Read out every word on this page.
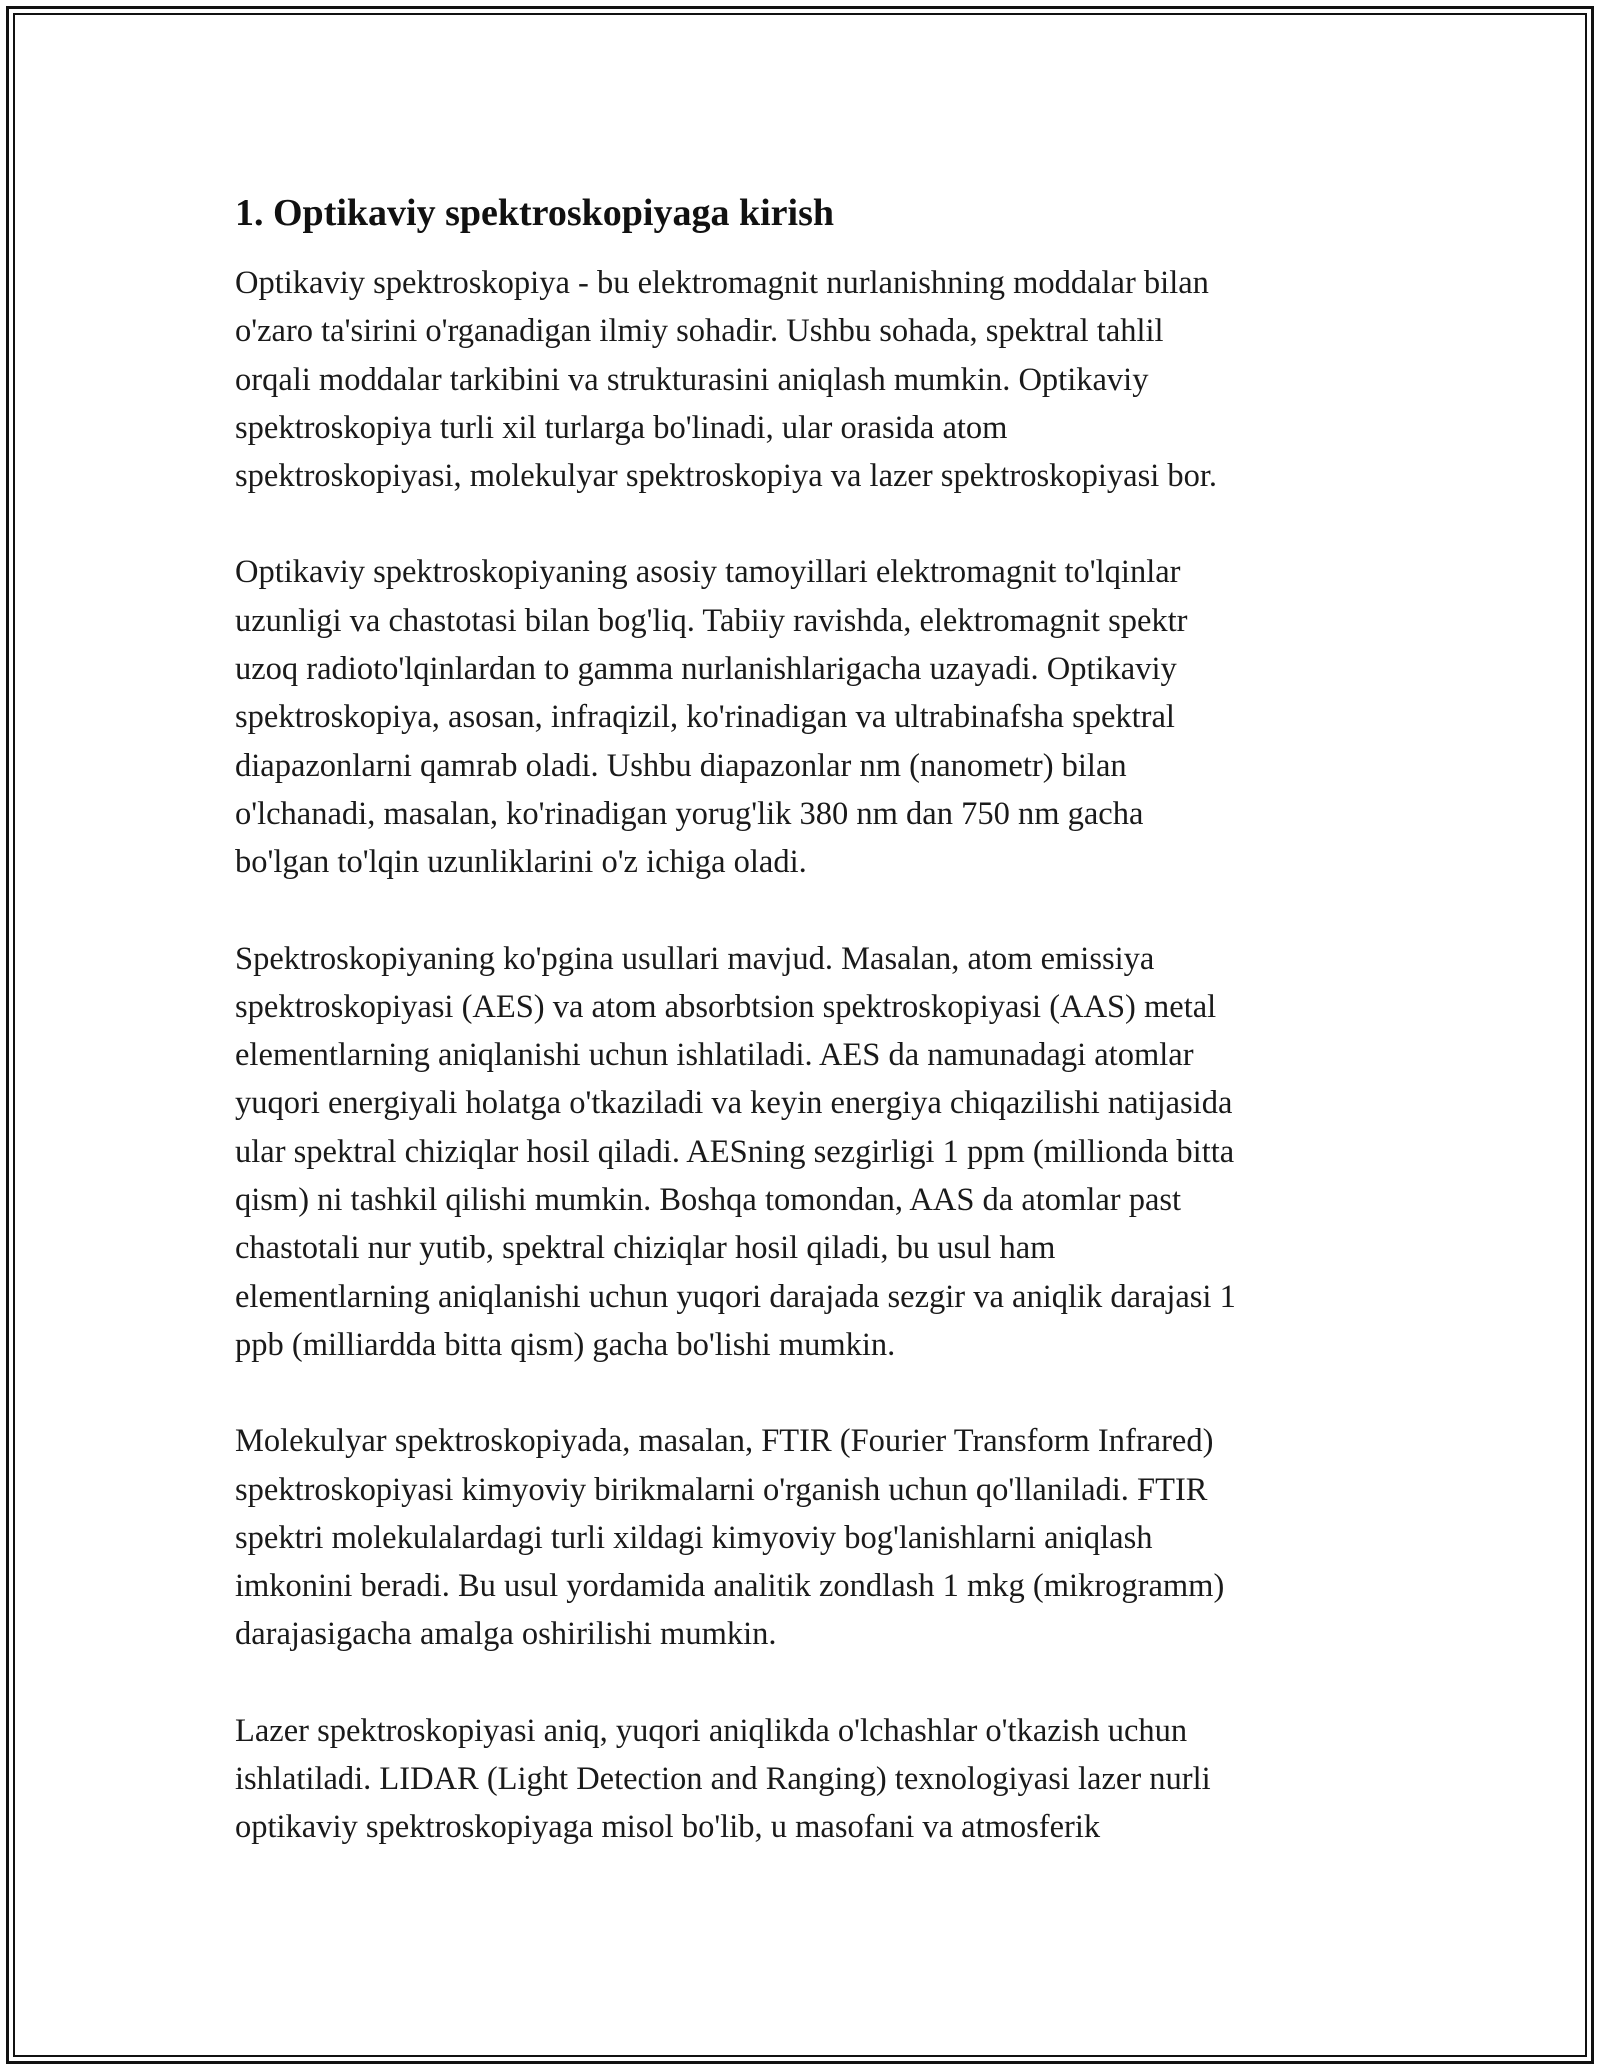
1. Optikaviy spektroskopiyaga kirish

Optikaviy spektroskopiya - bu elektromagnit nurlanishning moddalar bilan
o'zaro ta'sirini o'rganadigan ilmiy sohadir. Ushbu sohada, spektral tahlil
orqali moddalar tarkibini va strukturasini aniqlash mumkin. Optikaviy
spektroskopiya turli xil turlarga bo'linadi, ular orasida atom
spektroskopiyasi, molekulyar spektroskopiya va lazer spektroskopiyasi bor.

Optikaviy spektroskopiyaning asosiy tamoyillari elektromagnit to'lqinlar
uzunligi va chastotasi bilan bog'liq. Tabiiy ravishda, elektromagnit spektr
uzoq radioto'lqinlardan to gamma nurlanishlarigacha uzayadi. Optikaviy
spektroskopiya, asosan, infraqizil, ko'rinadigan va ultrabinafsha spektral
diapazonlarni qamrab oladi. Ushbu diapazonlar nm (nanometr) bilan
o'lchanadi, masalan, ko'rinadigan yorug'lik 380 nm dan 750 nm gacha
bo'lgan to'lqin uzunliklarini o'z ichiga oladi.

Spektroskopiyaning ko'pgina usullari mavjud. Masalan, atom emissiya
spektroskopiyasi (AES) va atom absorbtsion spektroskopiyasi (AAS) metal
elementlarning aniqlanishi uchun ishlatiladi. AES da namunadagi atomlar
yuqori energiyali holatga o'tkaziladi va keyin energiya chiqazilishi natijasida
ular spektral chiziqlar hosil qiladi. AESning sezgirligi 1 ppm (millionda bitta
qism) ni tashkil qilishi mumkin. Boshqa tomondan, AAS da atomlar past
chastotali nur yutib, spektral chiziqlar hosil qiladi, bu usul ham
elementlarning aniqlanishi uchun yuqori darajada sezgir va aniqlik darajasi 1
ppb (milliardda bitta qism) gacha bo'lishi mumkin.

Molekulyar spektroskopiyada, masalan, FTIR (Fourier Transform Infrared)
spektroskopiyasi kimyoviy birikmalarni o'rganish uchun qo'llaniladi. FTIR
spektri molekulalardagi turli xildagi kimyoviy bog'lanishlarni aniqlash
imkonini beradi. Bu usul yordamida analitik zondlash 1 mkg (mikrogramm)
darajasigacha amalga oshirilishi mumkin.

Lazer spektroskopiyasi aniq, yuqori aniqlikda o'lchashlar o'tkazish uchun
ishlatiladi. LIDAR (Light Detection and Ranging) texnologiyasi lazer nurli
optikaviy spektroskopiyaga misol bo'lib, u masofani va atmosferik
